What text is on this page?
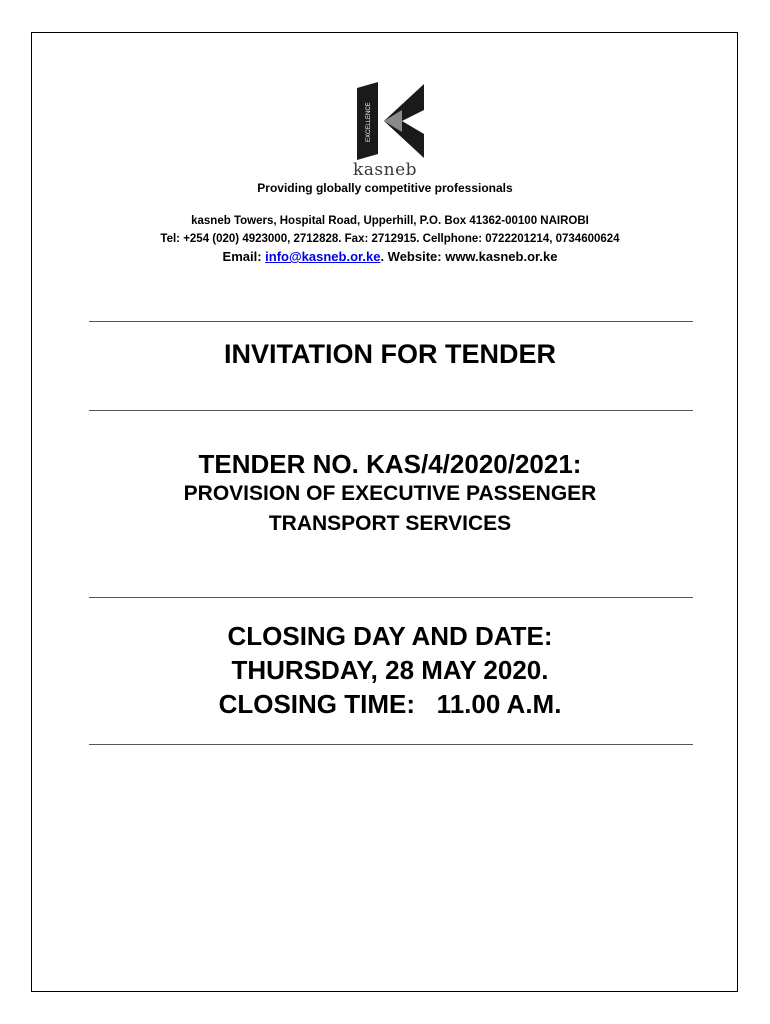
EXCELLENCE
kasneb
Providing globally competitive professionals
kasneb Towers, Hospital Road, Upperhill, P.O. Box 41362-00100 NAIROBI
Tel: +254 (020) 4923000, 2712828. Fax: 2712915. Cellphone: 0722201214, 0734600624
Email: info@kasneb.or.ke. Website: www.kasneb.or.ke
INVITATION FOR TENDER
TENDER NO. KAS/4/2020/2021:
PROVISION OF EXECUTIVE PASSENGER
TRANSPORT SERVICES
CLOSING DAY AND DATE:
THURSDAY, 28 MAY 2020.
CLOSING TIME:   11.00 A.M.
